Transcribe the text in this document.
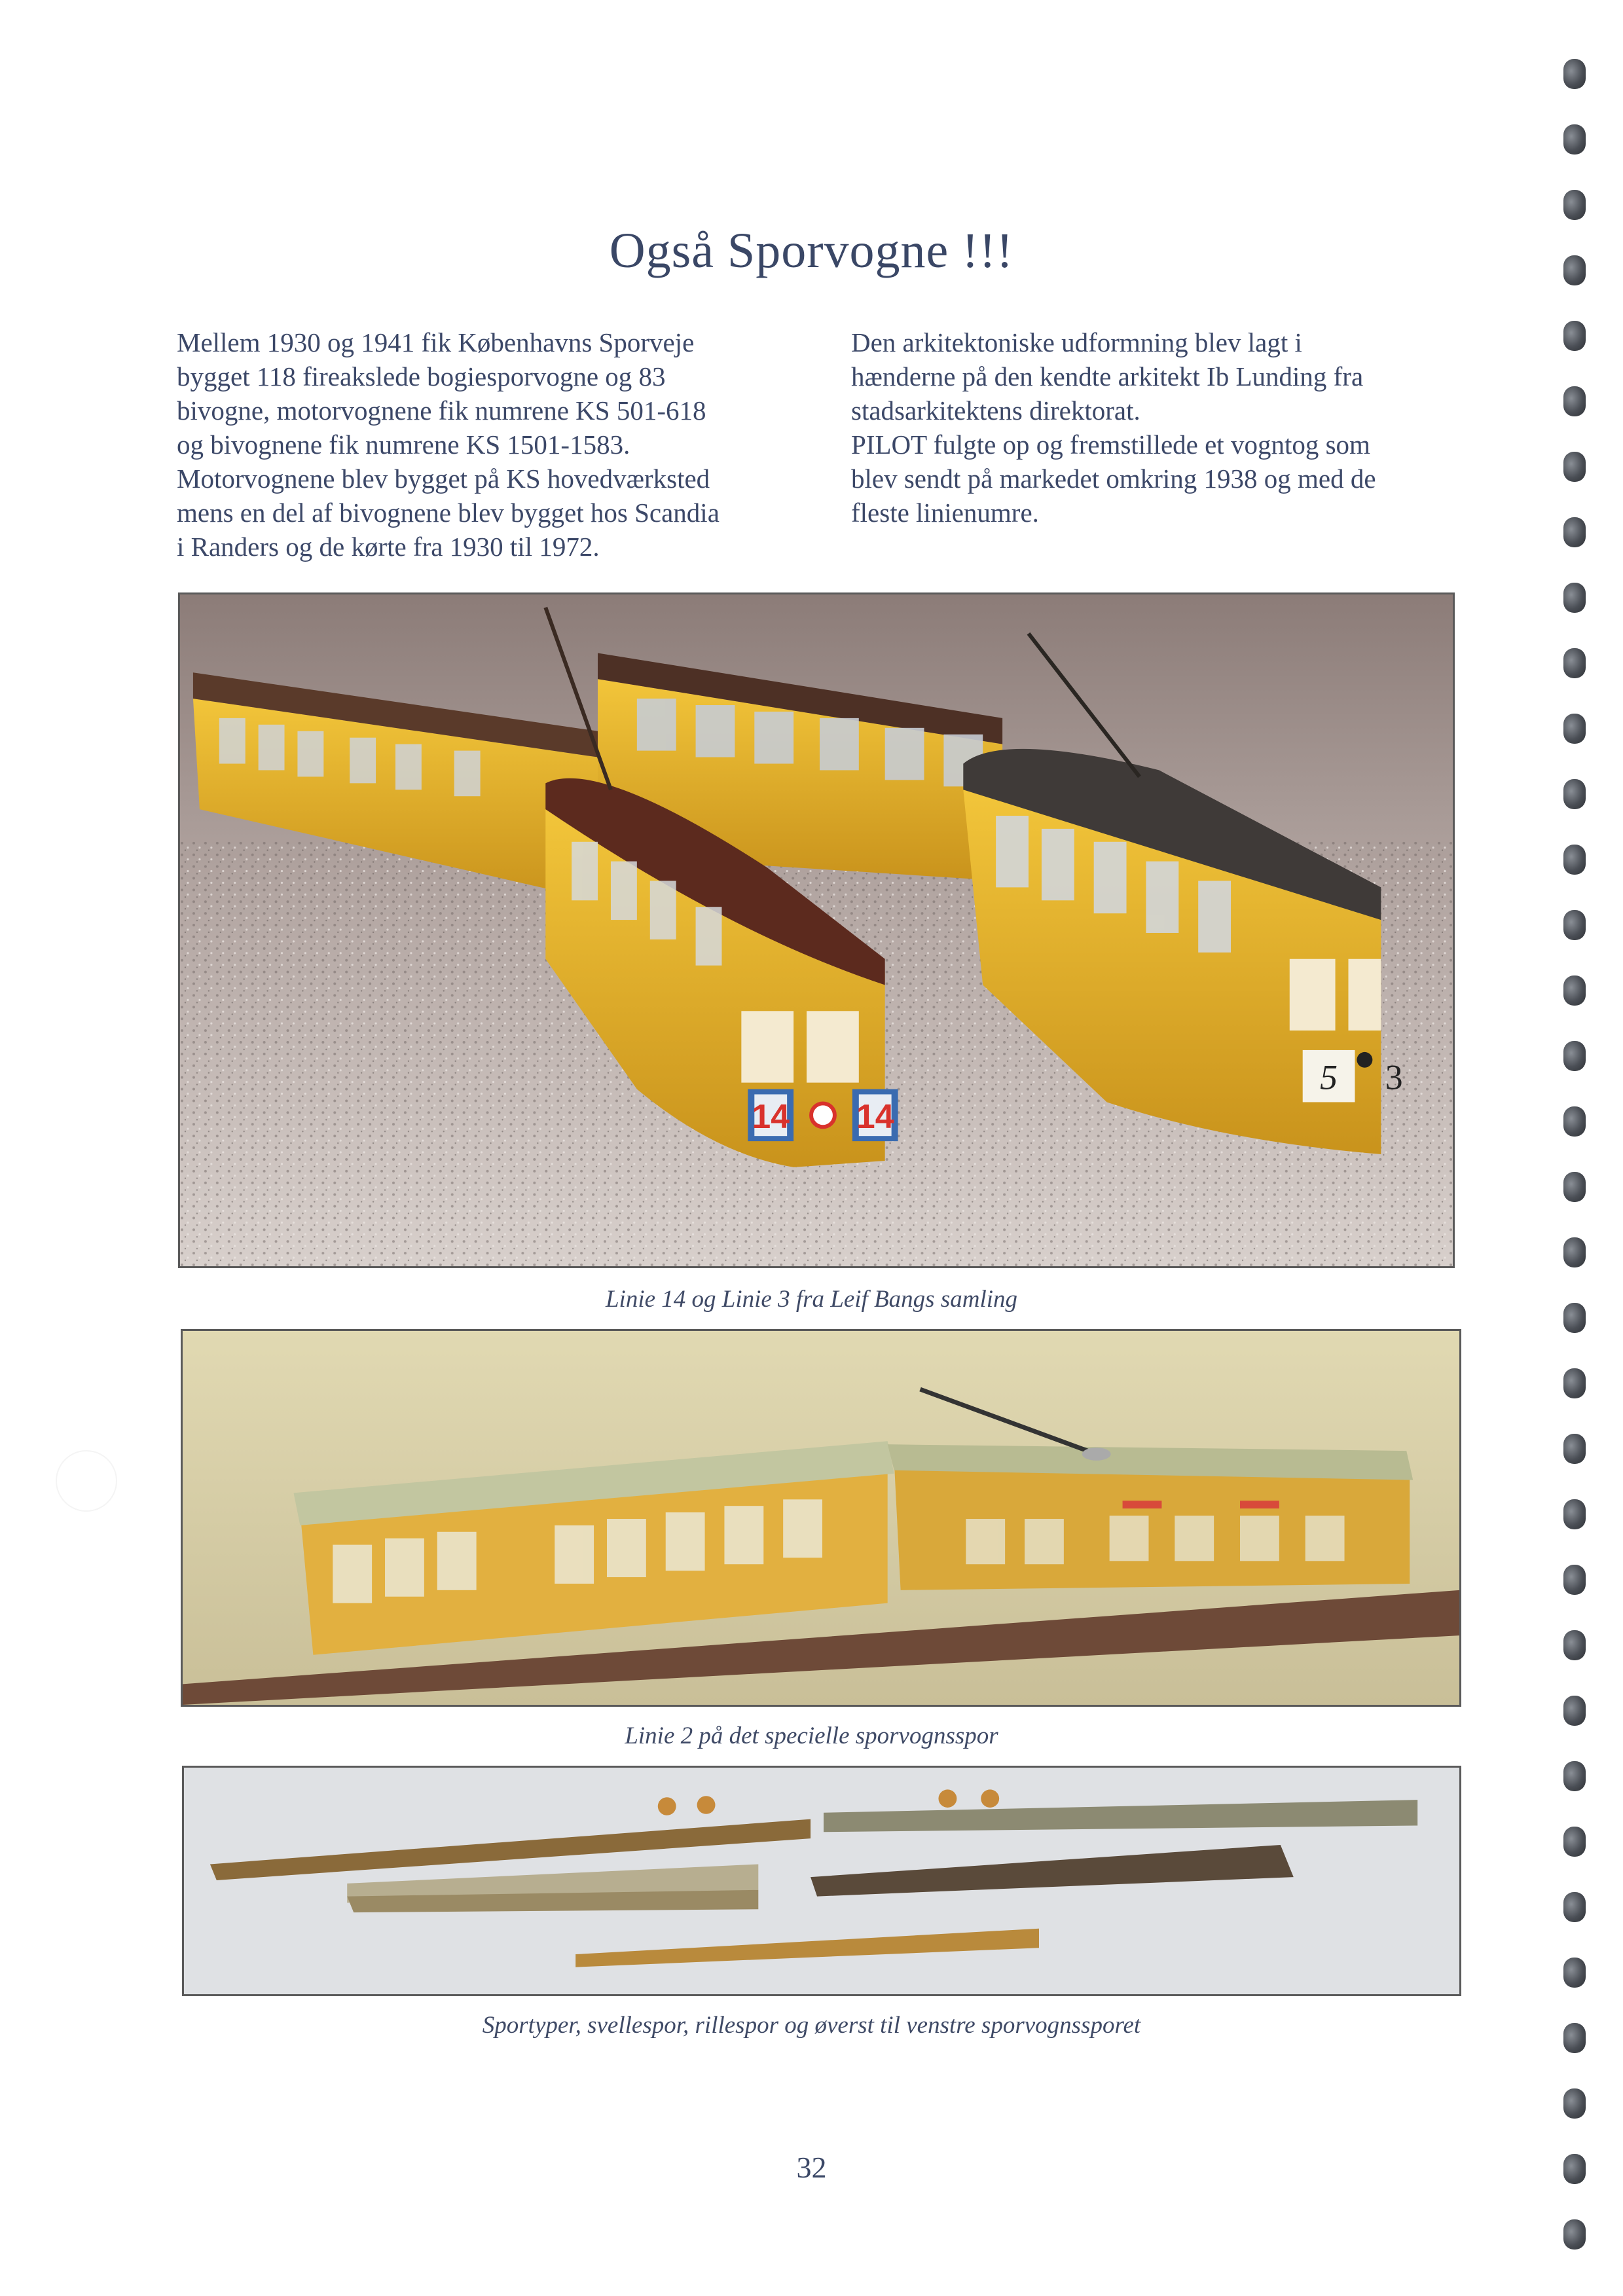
Også Sporvogne !!!
Mellem 1930 og 1941 fik Københavns Sporveje
bygget 118 fireakslede bogiesporvogne og 83
bivogne, motorvognene fik numrene KS 501-618
og bivognene fik numrene KS 1501-1583.
Motorvognene blev bygget på KS hovedværksted
mens en del af bivognene blev bygget hos Scandia
i Randers og de kørte fra 1930 til 1972.
Den arkitektoniske udformning blev lagt i
hænderne på den kendte arkitekt Ib Lunding fra
stadsarkitektens direktorat.
PILOT fulgte op og fremstillede et vogntog som
blev sendt på markedet omkring 1938 og med de
fleste linienumre.
14 14
5 3
Linie 14 og Linie 3 fra Leif Bangs samling
Linie 2 på det specielle sporvognsspor
Sportyper, svellespor, rillespor og øverst til venstre sporvognssporet
32
